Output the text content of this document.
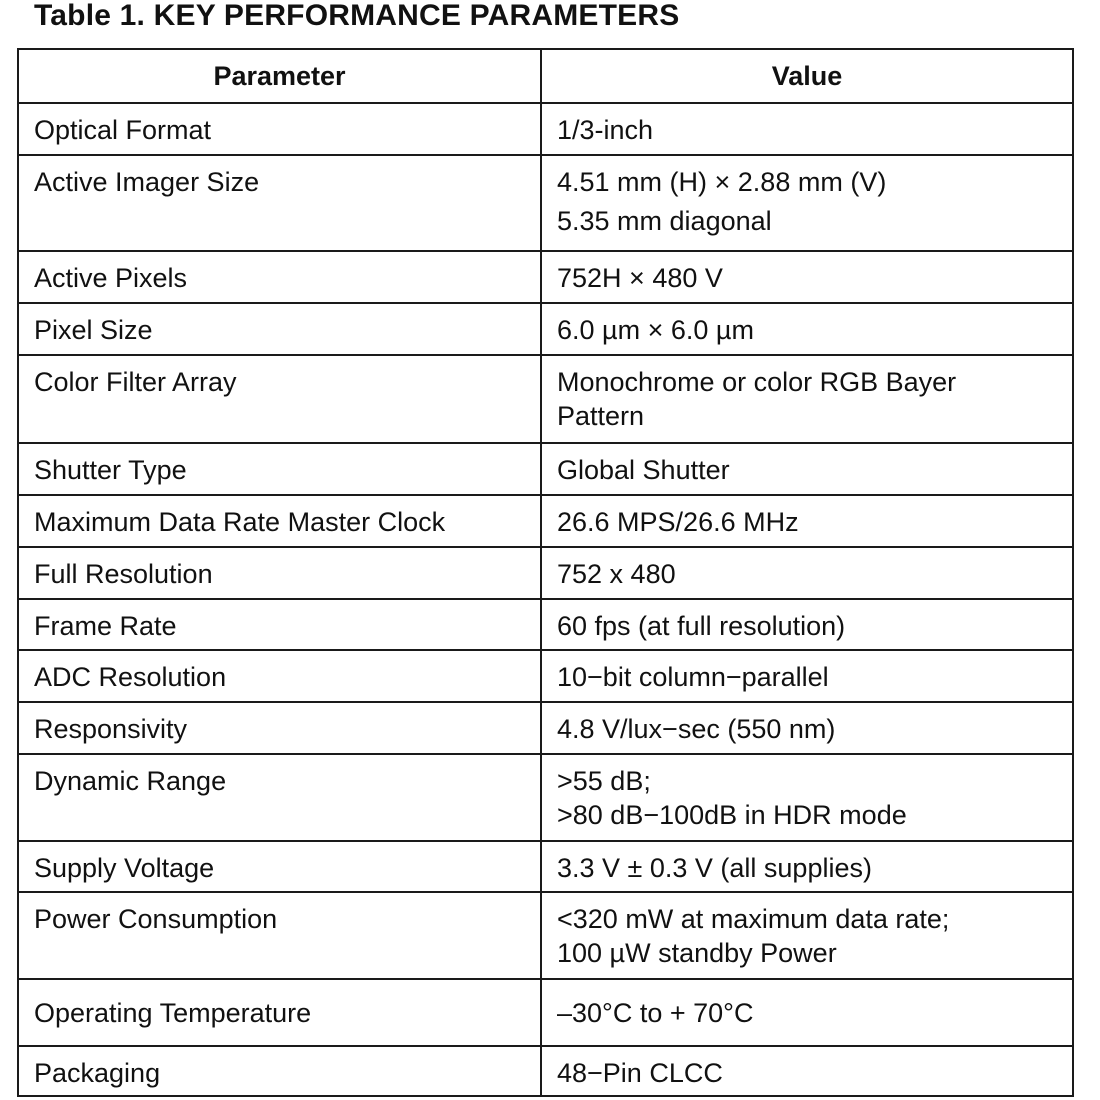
Table 1. KEY PERFORMANCE PARAMETERS
Parameter	Value

Optical Format	1/3-inch

Active Imager Size	4.51 mm (H) × 2.88 mm (V)
5.35 mm diagonal

Active Pixels	752H × 480 V

Pixel Size	6.0 µm × 6.0 µm

Color Filter Array	Monochrome or color RGB Bayer
Pattern

Shutter Type	Global Shutter

Maximum Data Rate Master Clock	26.6 MPS/26.6 MHz

Full Resolution	752 x 480

Frame Rate	60 fps (at full resolution)

ADC Resolution	10−bit column−parallel

Responsivity	4.8 V/lux−sec (550 nm)

Dynamic Range	>55 dB;
>80 dB−100dB in HDR mode

Supply Voltage	3.3 V ± 0.3 V (all supplies)

Power Consumption	<320 mW at maximum data rate;
100 µW standby Power

Operating Temperature	–30°C to + 70°C

Packaging	48−Pin CLCC
